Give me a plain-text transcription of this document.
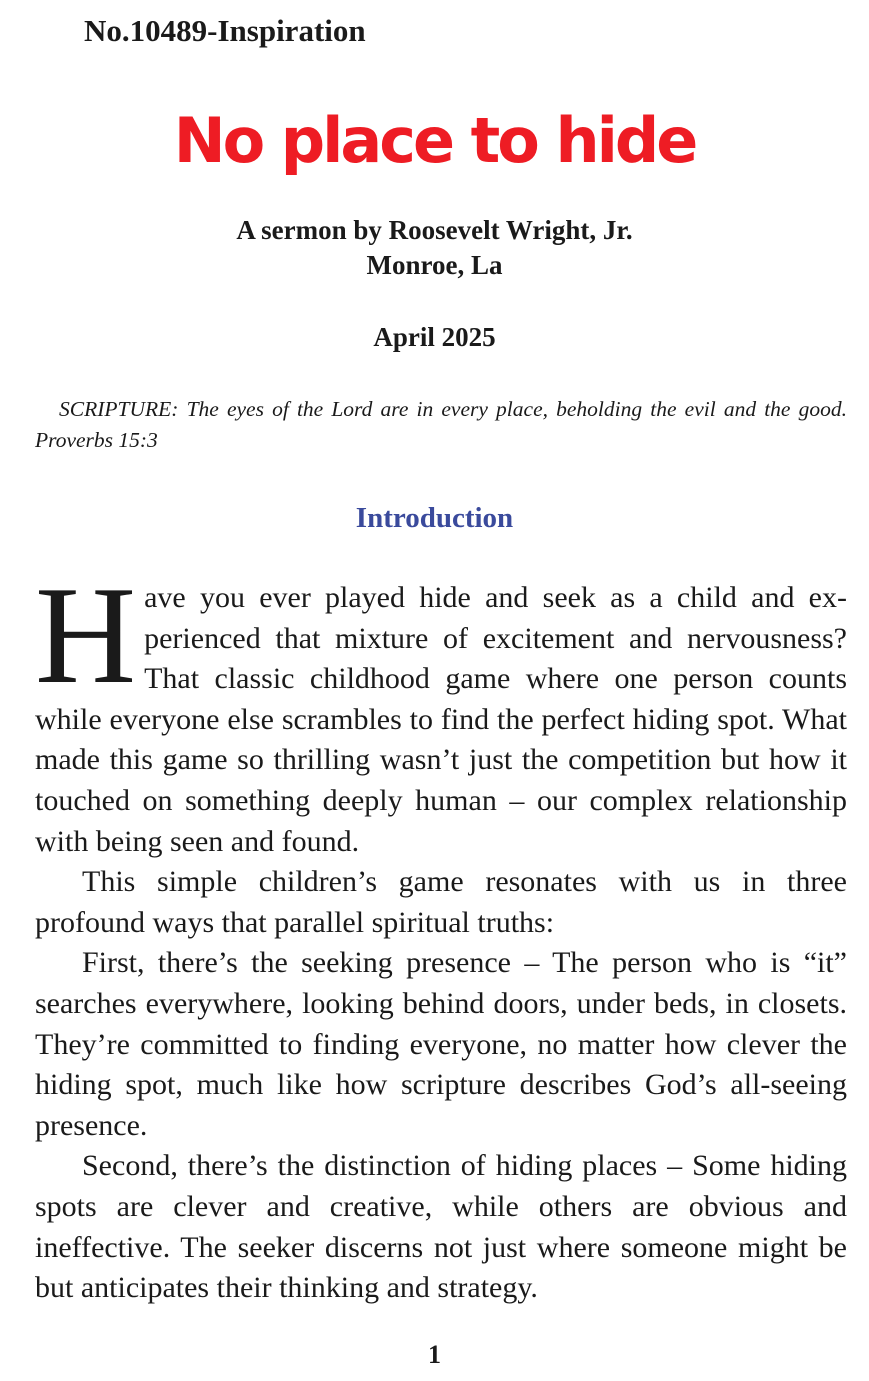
No.10489-Inspiration
No place to hide
A sermon by Roosevelt Wright, Jr.
Monroe, La
April 2025

SCRIPTURE: The eyes of the Lord are in every place, beholding the evil and the good. Proverbs 15:3

Introduction

Have you ever played hide and seek as a child and experienced that mixture of excitement and nervousness? That classic childhood game where one person counts while everyone else scrambles to find the perfect hiding spot. What made this game so thrilling wasn’t just the competition but how it touched on something deeply human – our complex relationship with being seen and found.

This simple children’s game resonates with us in three profound ways that parallel spiritual truths:

First, there’s the seeking presence – The person who is “it” searches everywhere, looking behind doors, under beds, in closets. They’re committed to finding everyone, no matter how clever the hiding spot, much like how scripture describes God’s all-seeing presence.

Second, there’s the distinction of hiding places – Some hiding spots are clever and creative, while others are obvious and ineffective. The seeker discerns not just where someone might be but anticipates their thinking and strategy.

1
